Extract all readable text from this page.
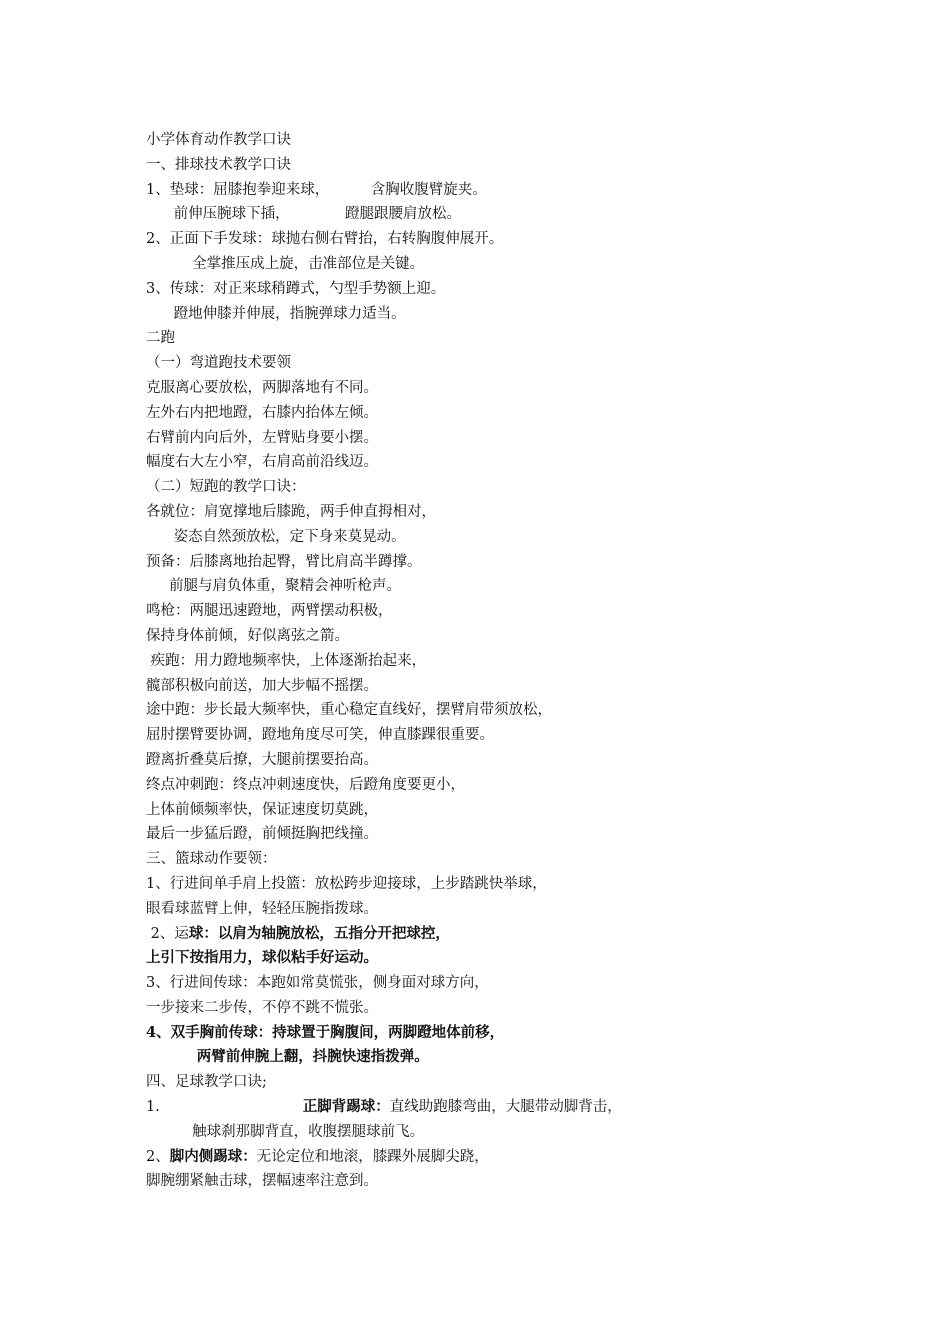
小学体育动作教学口诀
一、排球技术教学口诀
1、垫球：屈膝抱拳迎来球，         含胸收腹臂旋夹。
前伸压腕球下插，            蹬腿跟腰肩放松。
2、正面下手发球：球抛右侧右臂抬，右转胸腹伸展开。
全掌推压成上旋，击准部位是关键。
3、传球：对正来球稍蹲式，勺型手势额上迎。
蹬地伸膝并伸展，指腕弹球力适当。
二跑
（一）弯道跑技术要领
克服离心要放松，两脚落地有不同。
左外右内把地蹬，右膝内抬体左倾。
右臂前内向后外，左臂贴身要小摆。
幅度右大左小窄，右肩高前沿线迈。
（二）短跑的教学口诀：
各就位：肩宽撑地后膝跪，两手伸直拇相对，
姿态自然颈放松，定下身来莫晃动。
预备：后膝离地抬起臀，臂比肩高半蹲撑。
前腿与肩负体重，聚精会神听枪声。
鸣枪：两腿迅速蹬地，两臂摆动积极，
保持身体前倾，好似离弦之箭。
疾跑：用力蹬地频率快，上体逐渐抬起来，
髋部积极向前送，加大步幅不摇摆。
途中跑：步长最大频率快，重心稳定直线好，摆臂肩带须放松，
屈肘摆臂要协调，蹬地角度尽可笑，伸直膝踝很重要。
蹬离折叠莫后撩，大腿前摆要抬高。
终点冲刺跑：终点冲刺速度快，后蹬角度要更小，
上体前倾频率快，保证速度切莫跳，
最后一步猛后蹬，前倾挺胸把线撞。
三、篮球动作要领：
1、行进间单手肩上投篮：放松跨步迎接球，上步踏跳快举球，
眼看球蓝臂上伸，轻轻压腕指拨球。
2、运球：以肩为轴腕放松，五指分开把球控，
上引下按指用力，球似粘手好运动。
3、行进间传球：本跑如常莫慌张，侧身面对球方向，
一步接来二步传，不停不跳不慌张。
4、双手胸前传球：持球置于胸腹间，两脚蹬地体前移，
两臂前伸腕上翻，抖腕快速指拨弹。
四、足球教学口诀;
1.                               正脚背踢球：直线助跑膝弯曲，大腿带动脚背击，
触球刹那脚背直，收腹摆腿球前飞。
2、脚内侧踢球：无论定位和地滚，膝踝外展脚尖跷，
脚腕绷紧触击球，摆幅速率注意到。
